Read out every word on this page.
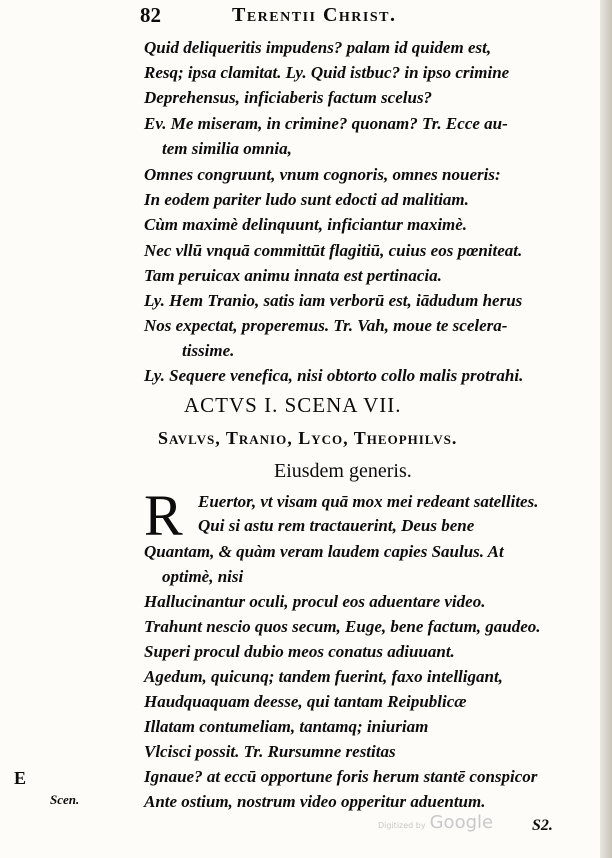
82	Terentii Christ.
Quid deliqueritis impudens? palam id quidem est,
Resq; ipsa clamitat. Ly. Quid istbuc? in ipso crimine
Deprehensus, inficiaberis factum scelus?
Ev. Me miseram, in crimine? quonam? Tr. Ecce au-
tem similia omnia,
Omnes congruunt, vnum cognoris, omnes noueris:
In eodem pariter ludo sunt edocti ad malitiam.
Cùm maximè delinquunt, inficiantur maximè.
Nec vllū vnquā committūt flagitiū, cuius eos pœniteat.
Tam peruicax animu innata est pertinacia.
Ly. Hem Tranio, satis iam verborū est, iādudum herus
Nos expectat, properemus. Tr. Vah, moue te scelera-
tissime.
Ly. Sequere venefica, nisi obtorto collo malis protrahi.
ACTVS I. SCENA VII.
Savlvs, Tranio, Lyco, Theophilvs.
Eiusdem generis.
R Euertor, vt visam quā mox mei redeant satellites.
Qui si astu rem tractauerint, Deus bene
Quantam, & quàm veram laudem capies Saulus. At
optimè, nisi
Hallucinantur oculi, procul eos aduentare video.
Trahunt nescio quos secum, Euge, bene factum, gaudeo.
Superi procul dubio meos conatus adiuuant.
Agedum, quicunq; tandem fuerint, faxo intelligant,
Haudquaquam deesse, qui tantam Reipublicæ
Illatam contumeliam, tantamq; iniuriam
Vlcisci possit. Tr. Rursumne restitas
Ignaue? at eccū opportune foris herum stantē conspicor
Ante ostium, nostrum video opperitur aduentum.
E
Scen.
Digitized by Google S2.
